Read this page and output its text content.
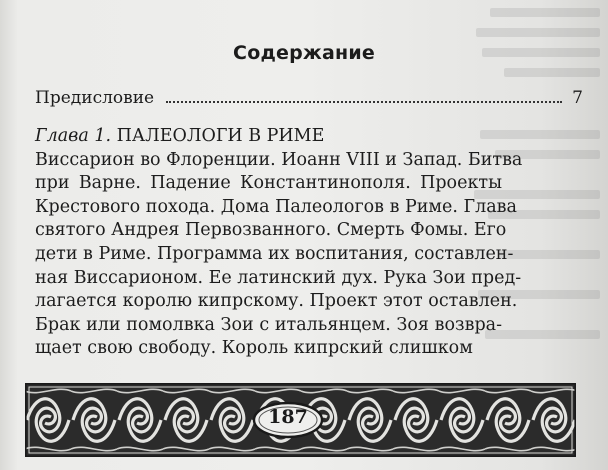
Содержание
Предисловие	7
Глава 1. ПАЛЕОЛОГИ В РИМЕ
Виссарион во Флоренции. Иоанн VIII и Запад. Битва
при Варне. Падение Константинополя. Проекты
Крестового похода. Дома Палеологов в Риме. Глава
святого Андрея Первозванного. Смерть Фомы. Его
дети в Риме. Программа их воспитания, составлен-
ная Виссарионом. Ее латинский дух. Рука Зои пред-
лагается королю кипрскому. Проект этот оставлен.
Брак или помолвка Зои с итальянцем. Зоя возвра-
щает свою свободу. Король кипрский слишком
187
